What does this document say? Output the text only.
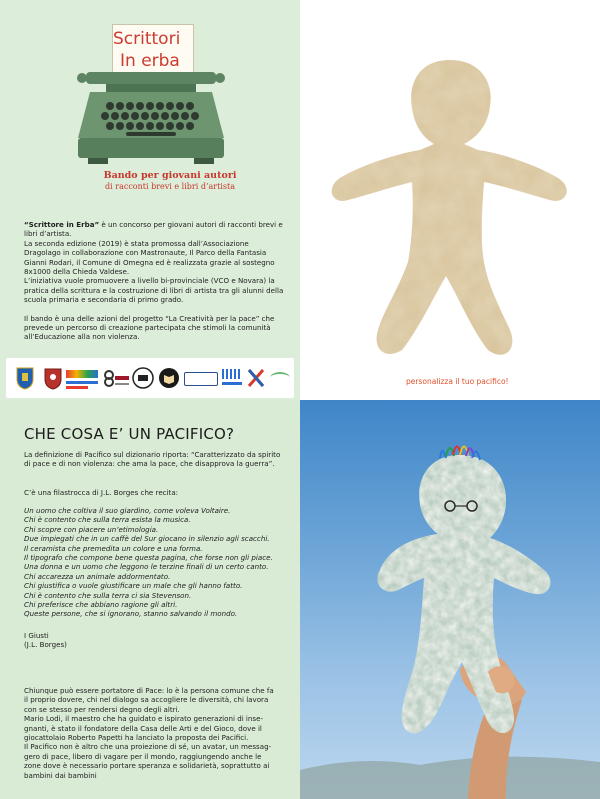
Scrittori
In erba
Bando per giovani autori
di racconti brevi e libri d’artista

“Scrittore in Erba” è un concorso per giovani autori di racconti brevi e libri d’artista.

La seconda edizione (2019) è stata promossa dall’Associazione Dragolago in collaborazione con Mastronaute, Il Parco della Fantasia Gianni Rodari, il Comune di Omegna ed è realizzata grazie al sostegno 8x1000 della Chieda Valdese.

L’iniziativa vuole promuovere a livello bi-provinciale (VCO e Novara) la pratica della scrittura e la costruzione di libri di artista tra gli alunni della scuola primaria e secondaria di primo grado.

Il bando è una delle azioni del progetto “La Creatività per la pace” che prevede un percorso di creazione partecipata che stimoli la comunità all’Educazione alla non violenza.

personalizza il tuo pacifico!
CHE COSA E’ UN PACIFICO?

La definizione di Pacifico sul dizionario riporta: “Caratterizzato da spirito di pace e di non violenza: che ama la pace, che disapprova la guerra”.

C’è una filastrocca di J.L. Borges che recita:

Un uomo che coltiva il suo giardino, come voleva Voltaire.
Chi è contento che sulla terra esista la musica.
Chi scopre con piacere un’etimologia.
Due impiegati che in un caffè del Sur giocano in silenzio agli scacchi.
Il ceramista che premedita un colore e una forma.
Il tipografo che compone bene questa pagina, che forse non gli piace.
Una donna e un uomo che leggono le terzine finali di un certo canto.
Chi accarezza un animale addormentato.
Chi giustifica o vuole giustificare un male che gli hanno fatto.
Chi è contento che sulla terra ci sia Stevenson.
Chi preferisce che abbiano ragione gli altri.
Queste persone, che si ignorano, stanno salvando il mondo.
I Giusti
(J.L. Borges)
Chiunque può essere portatore di Pace: lo è la persona comune che fa
il proprio dovere, chi nel dialogo sa accogliere le diversità, chi lavora
con se stesso per rendersi degno degli altri.
Mario Lodi, il maestro che ha guidato e ispirato generazioni di inse-
gnanti, è stato il fondatore della Casa delle Arti e del Gioco, dove il
giocattolaio Roberto Papetti ha lanciato la proposta dei Pacifici.
Il Pacifico non è altro che una proiezione di sé, un avatar, un messag-
gero di pace, libero di vagare per il mondo, raggiungendo anche le
zone dove è necessario portare speranza e solidarietà, soprattutto ai
bambini dai bambini
